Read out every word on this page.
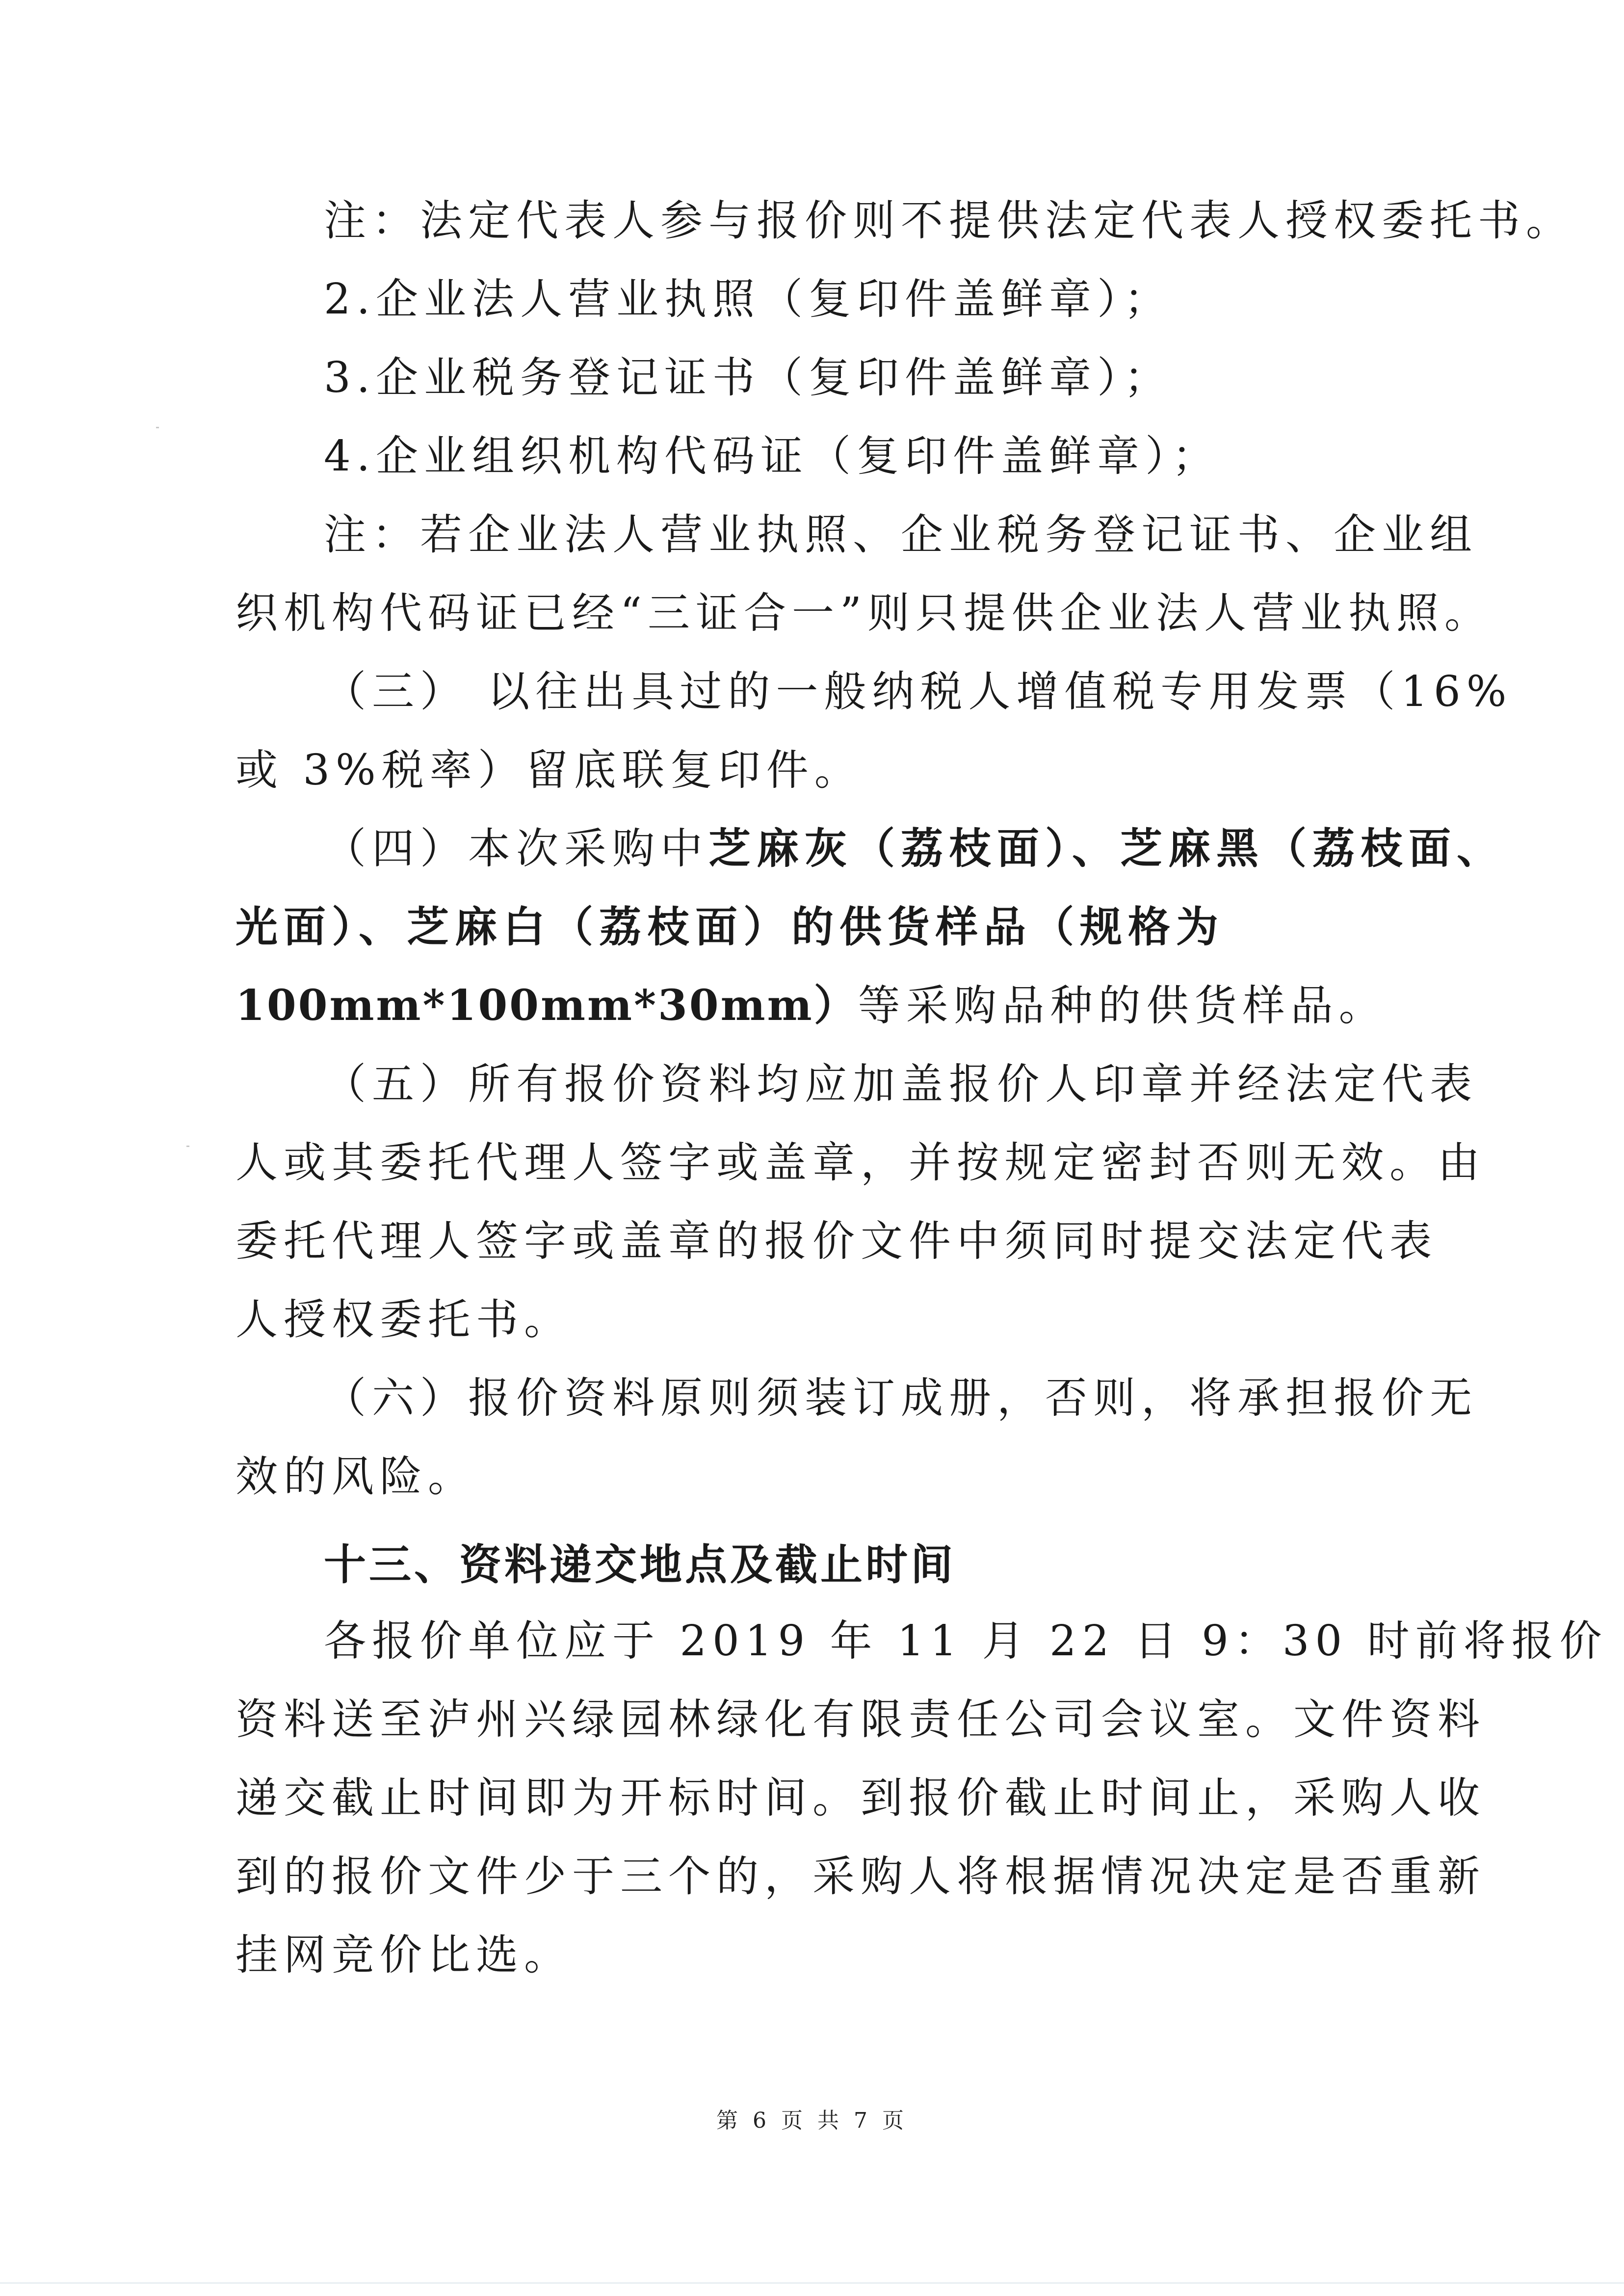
注：法定代表人参与报价则不提供法定代表人授权委托书。
2.企业法人营业执照（复印件盖鲜章）；
3.企业税务登记证书（复印件盖鲜章）；
4.企业组织机构代码证（复印件盖鲜章）；
注：若企业法人营业执照、企业税务登记证书、企业组
织机构代码证已经“三证合一”则只提供企业法人营业执照。
（三） 以往出具过的一般纳税人增值税专用发票（16%
或 3%税率）留底联复印件。
（四）本次采购中芝麻灰（荔枝面）、芝麻黑（荔枝面、
光面）、芝麻白（荔枝面）的供货样品（规格为
100mm*100mm*30mm）等采购品种的供货样品。
（五）所有报价资料均应加盖报价人印章并经法定代表
人或其委托代理人签字或盖章，并按规定密封否则无效。由
委托代理人签字或盖章的报价文件中须同时提交法定代表
人授权委托书。
（六）报价资料原则须装订成册，否则，将承担报价无
效的风险。
十三、资料递交地点及截止时间
各报价单位应于 2019 年 11 月 22 日 9：30 时前将报价
资料送至泸州兴绿园林绿化有限责任公司会议室。文件资料
递交截止时间即为开标时间。到报价截止时间止，采购人收
到的报价文件少于三个的，采购人将根据情况决定是否重新
挂网竞价比选。
第 6 页 共 7 页
